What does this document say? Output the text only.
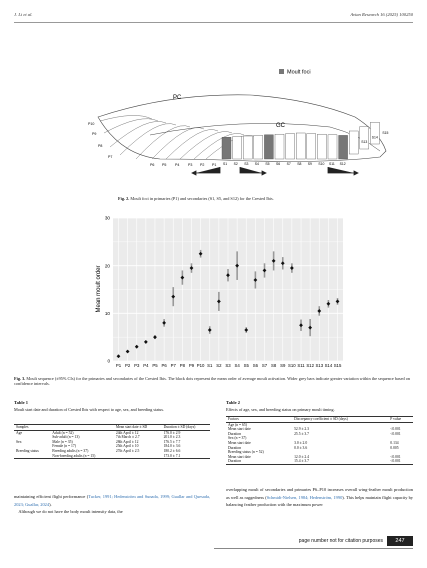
J. Li et al.	Avian Research 16 (2025) 100250
Moult foci
PC
GC
P10
P9
P8
P7
P6 P5 P4 P3 P2 P1 S1 S2 S3 S4 S5 S6 S7 S8 S9 S10 S11 S12
S13
S14
S15
Fig. 2. Moult foci in primaries (P1) and secondaries (S1, S5, and S12) for the Crested Ibis.
0
10
20
30
P1 P2 P3 P4 P5 P6 P7 P8 P9 P10 S1 S2 S3 S4 S5 S6 S7 S8 S9 S10 S11 S12 S13 S14 S15
Mean moult order
Fig. 3. Moult sequence (±95% CIs) for the primaries and secondaries of the Crested Ibis. The black dots represent the mean order of average moult activation. Wider grey bars indicate greater variation within the sequence based on confidence intervals.
Table 1
Moult start date and duration of Crested Ibis with respect to age, sex, and breeding status.
Samples		Mean start date ± SD	Duration ± SD (days)
Age	Adult (n = 52)	24th April ± 12	176.0 ± 2.9
	Sub-adult (n = 13)	7th March ± 2.7	201.0 ± 2.3
Sex	Male (n = 35)	28th April ± 12	176.5 ± 7.7
	Female (n = 17)	25th April ± 10	184.0 ± 3.6
Breeding status	Breeding adults (n = 37)	27th April ± 2.5	180.2 ± 6.6
	Non-breeding adults (n = 15)		173.0 ± 7.1
Table 2
Effects of age, sex, and breeding status on primary moult timing.
Factors	Discrepancy coefficient ± SD (days)	P value
Age (n = 65)		
Mean start date	52.9 ± 2.3	<0.001
Duration	25.5 ± 3.7	<0.001
Sex (n = 37)		
Mean start date	3.0 ± 2.0	0.134
Duration	0.0 ± 3.6	0.005
Breeding status (n = 52)		
Mean start date	12.0 ± 2.4	<0.001
Duration	15.4 ± 3.7	<0.001
maintaining efficient flight performance (Tucker, 1991; Hedenström and Sunada, 1999; Guallar and Quesada, 2023; Guallar, 2024).
Although we do not have the body moult intensity data, the
overlapping moult of secondaries and primaries P6–P10 increases overall wing-feather moult production as well as raggedness (Schmidt-Nielsen, 1984; Hedenström, 1990). This helps maintain flight capacity by balancing feather production with the maximum power
page number not for citation purposes	247
